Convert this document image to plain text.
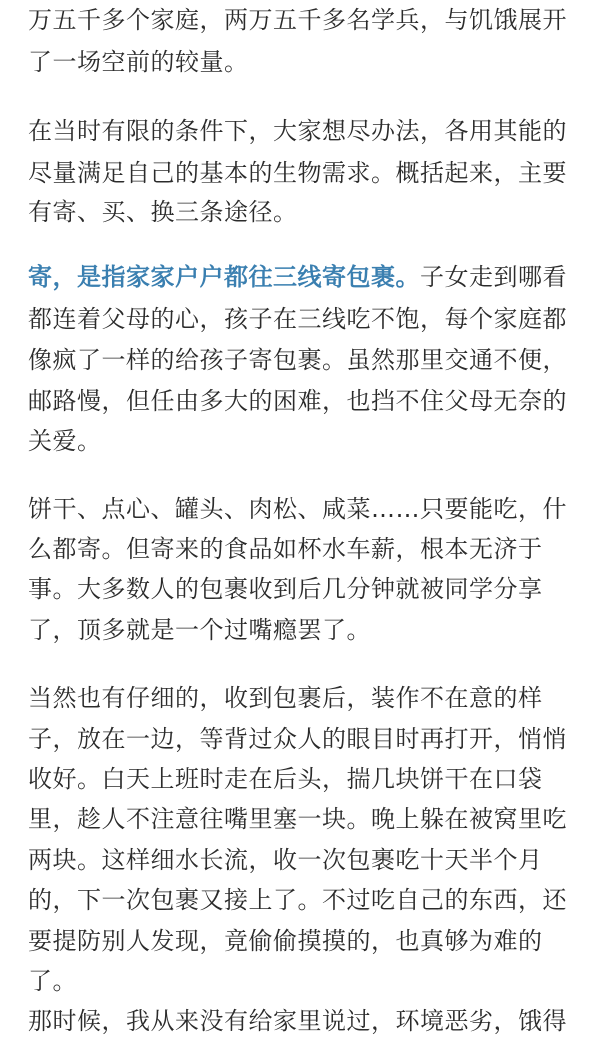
万五千多个家庭，两万五千多名学兵，与饥饿展开
了一场空前的较量。
在当时有限的条件下，大家想尽办法，各用其能的
尽量满足自己的基本的生物需求。概括起来，主要
有寄、买、换三条途径。
寄，是指家家户户都往三线寄包裹。子女走到哪看
都连着父母的心，孩子在三线吃不饱，每个家庭都
像疯了一样的给孩子寄包裹。虽然那里交通不便，
邮路慢，但任由多大的困难，也挡不住父母无奈的
关爱。
饼干、点心、罐头、肉松、咸菜……只要能吃，什
么都寄。但寄来的食品如杯水车薪，根本无济于
事。大多数人的包裹收到后几分钟就被同学分享
了，顶多就是一个过嘴瘾罢了。
当然也有仔细的，收到包裹后，装作不在意的样
子，放在一边，等背过众人的眼目时再打开，悄悄
收好。白天上班时走在后头，揣几块饼干在口袋
里，趁人不注意往嘴里塞一块。晚上躲在被窝里吃
两块。这样细水长流，收一次包裹吃十天半个月
的，下一次包裹又接上了。不过吃自己的东西，还
要提防别人发现，竟偷偷摸摸的，也真够为难的
了。
那时候，我从来没有给家里说过，环境恶劣，饿得
